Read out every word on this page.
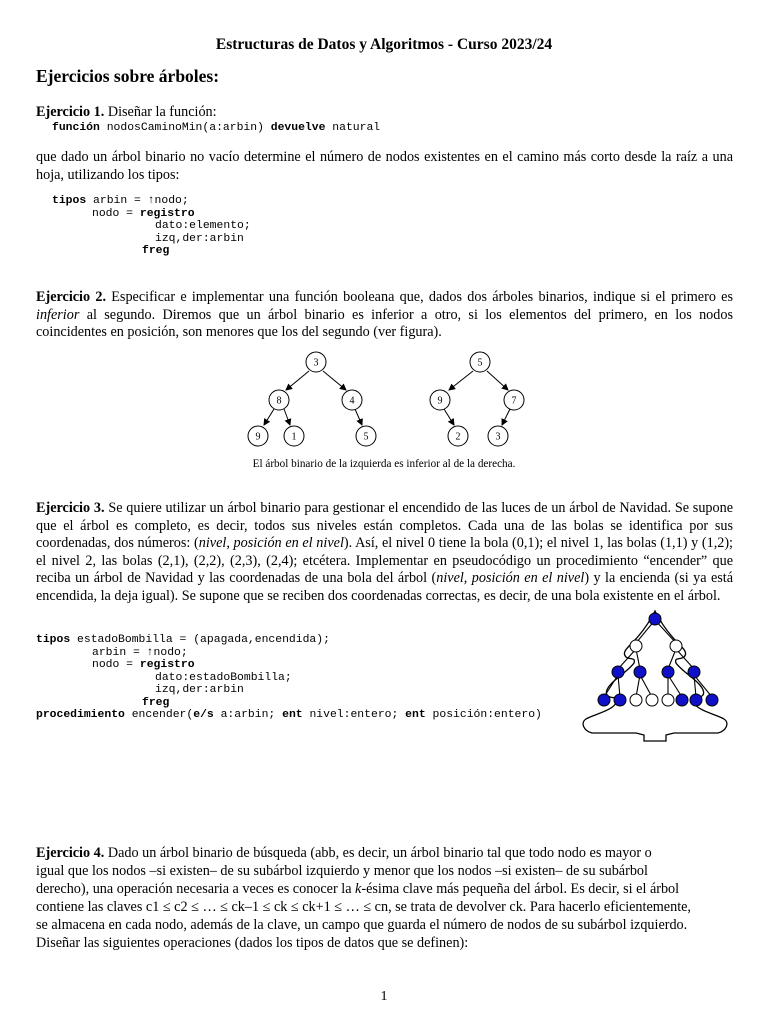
Estructuras de Datos y Algoritmos - Curso 2023/24
Ejercicios sobre árboles:
Ejercicio 1. Diseñar la función:
función nodosCaminoMin(a:arbin) devuelve natural
que dado un árbol binario no vacío determine el número de nodos existentes en el camino más corto desde la raíz a una hoja, utilizando los tipos:
tipos arbin = ↑nodo;
nodo = registro
dato:elemento;
izq,der:arbin
freg
Ejercicio 2. Especificar e implementar una función booleana que, dados dos árboles binarios, indique si el primero es inferior al segundo. Diremos que un árbol binario es inferior a otro, si los elementos del primero, en los nodos coincidentes en posición, son menores que los del segundo (ver figura).
3
8	4
9	1	5
5
9	7
2	3
El árbol binario de la izquierda es inferior al de la derecha.
Ejercicio 3. Se quiere utilizar un árbol binario para gestionar el encendido de las luces de un árbol de Navidad. Se supone que el árbol es completo, es decir, todos sus niveles están completos. Cada una de las bolas se identifica por sus coordenadas, dos números: (nivel, posición en el nivel). Así, el nivel 0 tiene la bola (0,1); el nivel 1, las bolas (1,1) y (1,2); el nivel 2, las bolas (2,1), (2,2), (2,3), (2,4); etcétera. Implementar en pseudocódigo un procedimiento “encender” que reciba un árbol de Navidad y las coordenadas de una bola del árbol (nivel, posición en el nivel) y la encienda (si ya está encendida, la deja igual). Se supone que se reciben dos coordenadas correctas, es decir, de una bola existente en el árbol.
tipos estadoBombilla = (apagada,encendida);
arbin = ↑nodo;
nodo = registro
dato:estadoBombilla;
izq,der:arbin
freg
procedimiento encender(e/s a:arbin; ent nivel:entero; ent posición:entero)
Ejercicio 4. Dado un árbol binario de búsqueda (abb, es decir, un árbol binario tal que todo nodo es mayor o
igual que los nodos –si existen– de su subárbol izquierdo y menor que los nodos –si existen– de su subárbol
derecho), una operación necesaria a veces es conocer la k-ésima clave más pequeña del árbol. Es decir, si el árbol
contiene las claves c1 ≤ c2 ≤ … ≤ ck–1 ≤ ck ≤ ck+1 ≤ … ≤ cn, se trata de devolver ck. Para hacerlo eficientemente,
se almacena en cada nodo, además de la clave, un campo que guarda el número de nodos de su subárbol izquierdo.
Diseñar las siguientes operaciones (dados los tipos de datos que se definen):
1
